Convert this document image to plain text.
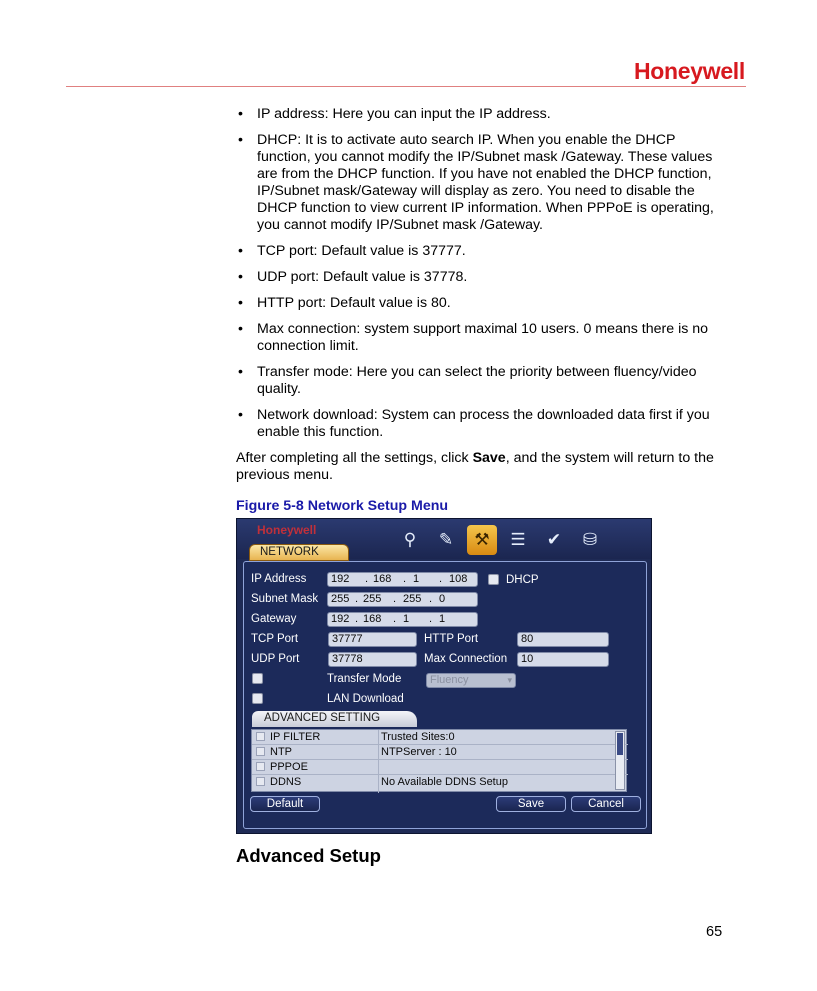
Honeywell
• IP address: Here you can input the IP address.
• DHCP: It is to activate auto search IP. When you enable the DHCP function, you cannot modify the IP/Subnet mask /Gateway. These values are from the DHCP function. If you have not enabled the DHCP function, IP/Subnet mask/Gateway will display as zero. You need to disable the DHCP function to view current IP information. When PPPoE is operating, you cannot modify IP/Subnet mask /Gateway.
• TCP port: Default value is 37777.
• UDP port: Default value is 37778.
• HTTP port: Default value is 80.
• Max connection: system support maximal 10 users. 0 means there is no connection limit.
• Transfer mode: Here you can select the priority between fluency/video quality.
• Network download: System can process the downloaded data first if you enable this function.

After completing all the settings, click Save, and the system will return to the previous menu.

Figure 5-8 Network Setup Menu

Honeywell	⚲	✎	⚒	☰	✔	⛁
NETWORK
IP Address 192	. 168	. 1	. 108	DHCP
Subnet Mask 255 . 255	. 255 . 0
Gateway	192 . 168	. 1	. 1
TCP Port	37777	HTTP Port	80
UDP Port	37778	Max Connection	10
Transfer Mode	Fluency	▾
LAN Download
ADVANCED SETTING
IP FILTER	Trusted Sites:0
NTP	NTPServer : 10
PPPOE
DDNS	No Available DDNS Setup
Default	Save	Cancel
Advanced Setup
65
